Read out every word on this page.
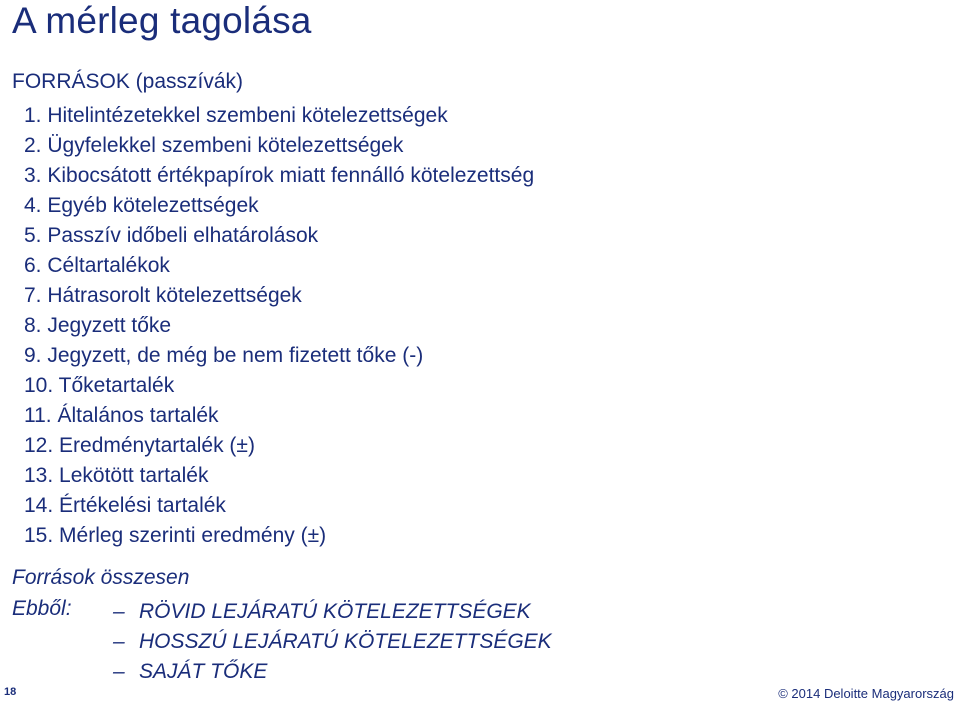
A mérleg tagolása
FORRÁSOK (passzívák)
1. Hitelintézetekkel szembeni kötelezettségek
2. Ügyfelekkel szembeni kötelezettségek
3. Kibocsátott értékpapírok miatt fennálló kötelezettség
4. Egyéb kötelezettségek
5. Passzív időbeli elhatárolások
6. Céltartalékok
7. Hátrasorolt kötelezettségek
8. Jegyzett tőke
9. Jegyzett, de még be nem fizetett tőke (-)
10. Tőketartalék
11. Általános tartalék
12. Eredménytartalék (±)
13. Lekötött tartalék
14. Értékelési tartalék
15. Mérleg szerinti eredmény (±)
Források összesen
Ebből: – RÖVID LEJÁRATÚ KÖTELEZETTSÉGEK
– HOSSZÚ LEJÁRATÚ KÖTELEZETTSÉGEK
– SAJÁT TŐKE
18	© 2014 Deloitte Magyarország
